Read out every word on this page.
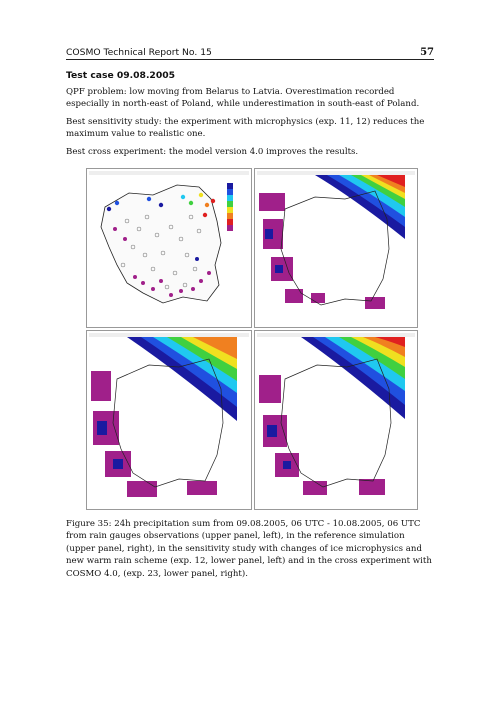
COSMO Technical Report No. 15	57
Test case 09.08.2005

QPF problem: low moving from Belarus to Latvia. Overestimation recorded especially in north-east of Poland, while underestimation in south-east of Poland.

Best sensitivity study: the experiment with microphysics (exp. 11, 12) reduces the maximum value to realistic one.

Best cross experiment: the model version 4.0 improves the results.

Figure 35: 24h precipitation sum from 09.08.2005, 06 UTC - 10.08.2005, 06 UTC from rain gauges observations (upper panel, left), in the reference simulation (upper panel, right), in the sensitivity study with changes of ice microphysics and new warm rain scheme (exp. 12, lower panel, left) and in the cross experiment with COSMO 4.0, (exp. 23, lower panel, right).
